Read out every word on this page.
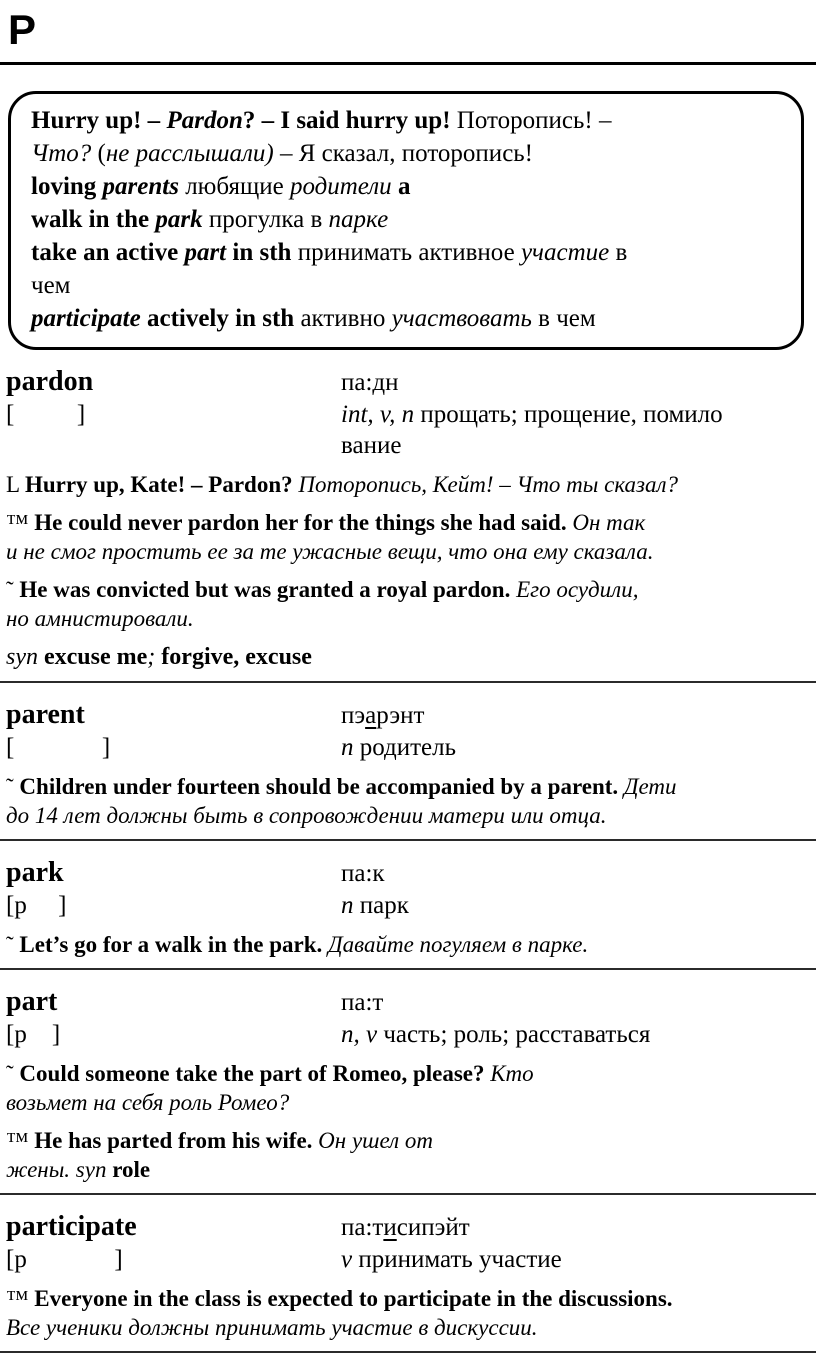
P

Hurry up! – Pardon? – I said hurry up! Поторопись! –

Что? (не расслышали) – Я сказал, поторопись!

loving parents любящие родители a

walk in the park прогулка в парке

take an active part in sth принимать активное участие в

чем

participate actively in sth активно участвовать в чем

pardon	па:дн
[          ]	int, v, n прощать; прощение, помило
вание

L Hurry up, Kate! – Pardon? Поторопись, Кейт! – Что ты сказал?

™ He could never pardon her for the things she had said. Он так
и не смог простить ее за те ужасные вещи, что она ему сказала.

˜ He was convicted but was granted a royal pardon. Его осудили,
но амнистировали.

syn excuse me; forgive, excuse

parent	пэарэнт
[              ]	n родитель

˜ Children under fourteen should be accompanied by a parent. Дети
до 14 лет должны быть в сопровождении матери или отца.

park	па:к
[p     ]	n парк

˜ Let’s go for a walk in the park. Давайте погуляем в парке.

part	па:т
[p    ]	n, v часть; роль; расставаться

˜ Could someone take the part of Romeo, please? Кто
возьмет на себя роль Ромео?

™ He has parted from his wife. Он ушел от
жены. syn role

participate	па:тисипэйт
[p              ]	v принимать участие

™ Everyone in the class is expected to participate in the discussions.
Все ученики должны принимать участие в дискуссии.
